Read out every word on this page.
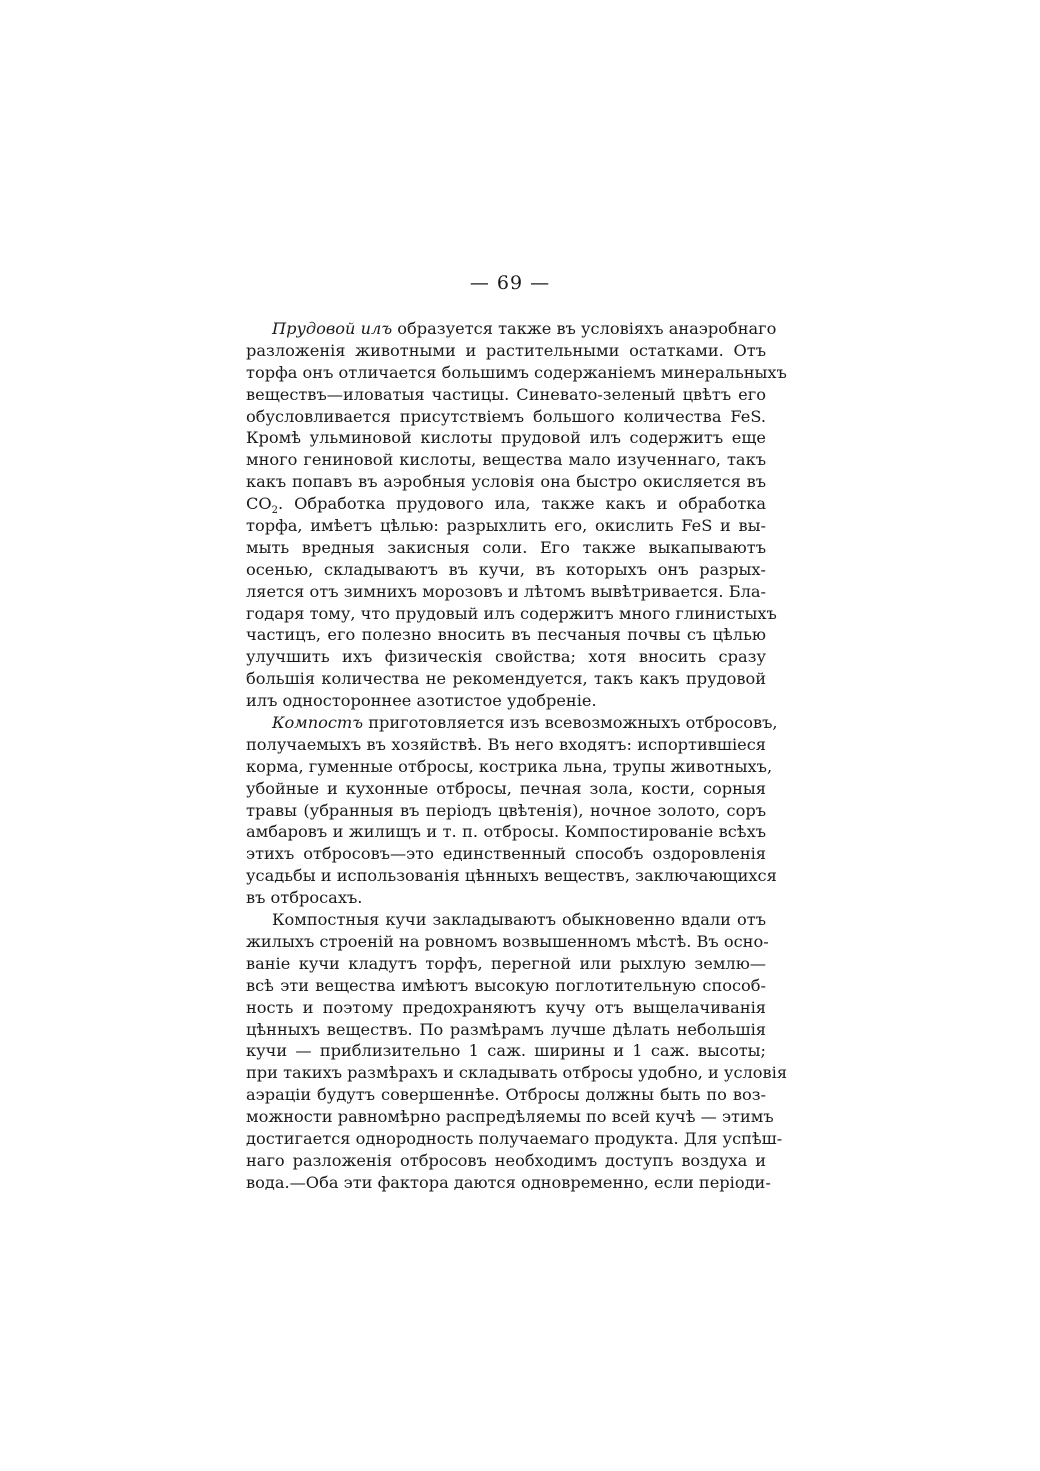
— 69 —
Прудовой илъ образуется также въ условіяхъ анаэробнаго
разложенія животными и растительными остатками. Отъ
торфа онъ отличается большимъ содержаніемъ минеральныхъ
веществъ—иловатыя частицы. Синевато-зеленый цвѣтъ его
обусловливается присутствіемъ большого количества FeS.
Кромѣ ульминовой кислоты прудовой илъ содержитъ еще
много гениновой кислоты, вещества мало изученнаго, такъ
какъ попавъ въ аэробныя условія она быстро окисляется въ
$CO_2$. Обработка прудового ила, также какъ и обработка
торфа, имѣетъ цѣлью: разрыхлить его, окислить FeS и вы-
мыть вредныя закисныя соли. Его также выкапываютъ
осенью, складываютъ въ кучи, въ которыхъ онъ разрых-
ляется отъ зимнихъ морозовъ и лѣтомъ вывѣтривается. Бла-
годаря тому, что прудовый илъ содержитъ много глинистыхъ
частицъ, его полезно вносить въ песчаныя почвы съ цѣлью
улучшить ихъ физическія свойства; хотя вносить сразу
большія количества не рекомендуется, такъ какъ прудовой
илъ одностороннее азотистое удобреніе.
Компостъ приготовляется изъ всевозможныхъ отбросовъ,
получаемыхъ въ хозяйствѣ. Въ него входятъ: испортившіеся
корма, гуменные отбросы, кострика льна, трупы животныхъ,
убойные и кухонные отбросы, печная зола, кости, сорныя
травы (убранныя въ періодъ цвѣтенія), ночное золото, соръ
амбаровъ и жилищъ и т. п. отбросы. Компостированіе всѣхъ
этихъ отбросовъ—это единственный способъ оздоровленія
усадьбы и использованія цѣнныхъ веществъ, заключающихся
въ отбросахъ.
Компостныя кучи закладываютъ обыкновенно вдали отъ
жилыхъ строеній на ровномъ возвышенномъ мѣстѣ. Въ осно-
ваніе кучи кладутъ торфъ, перегной или рыхлую землю—
всѣ эти вещества имѣютъ высокую поглотительную способ-
ность и поэтому предохраняютъ кучу отъ выщелачиванія
цѣнныхъ веществъ. По размѣрамъ лучше дѣлать небольшія
кучи — приблизительно 1 саж. ширины и 1 саж. высоты;
при такихъ размѣрахъ и складывать отбросы удобно, и условія
аэраціи будутъ совершеннѣе. Отбросы должны быть по воз-
можности равномѣрно распредѣляемы по всей кучѣ — этимъ
достигается однородность получаемаго продукта. Для успѣш-
наго разложенія отбросовъ необходимъ доступъ воздуха и
вода.—Оба эти фактора даются одновременно, если періоди-
